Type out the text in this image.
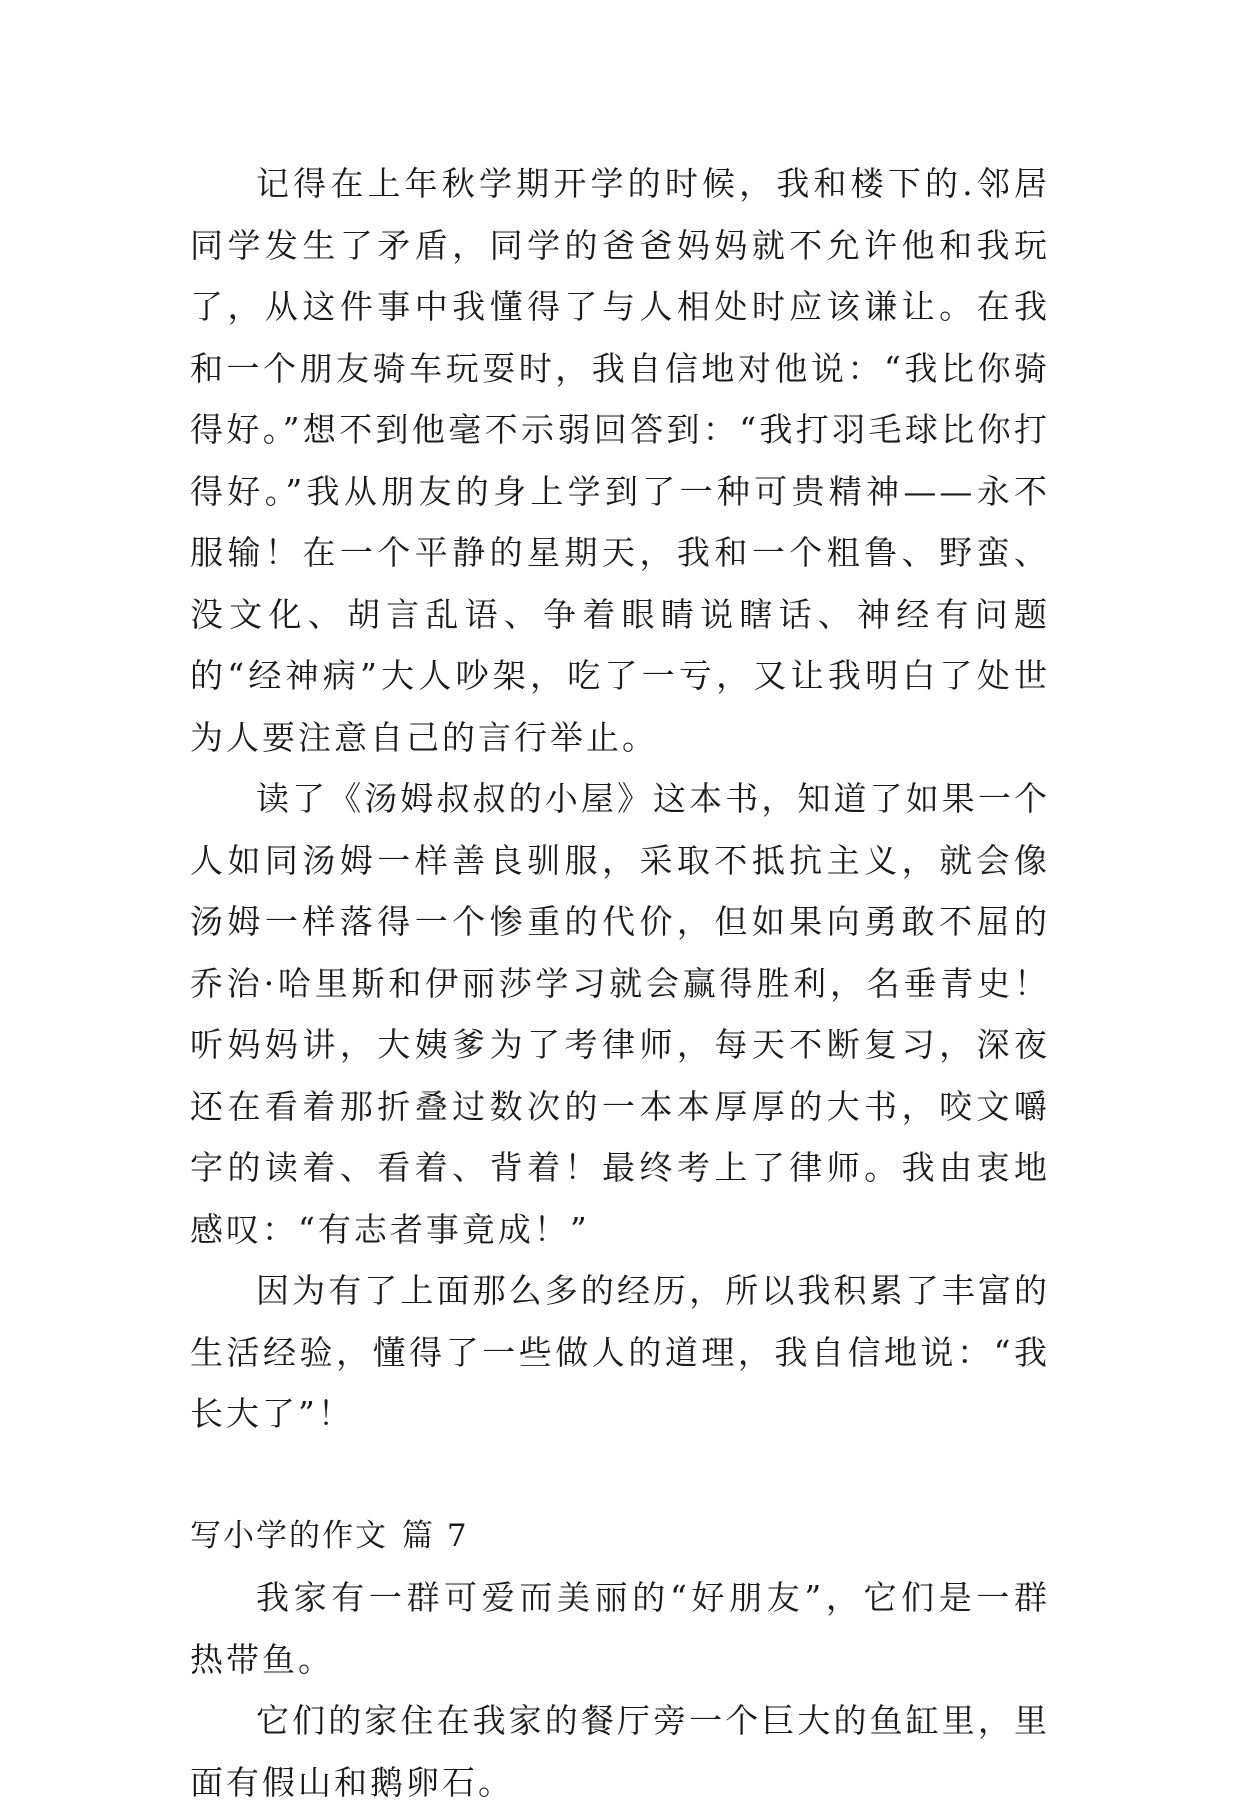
记得在上年秋学期开学的时候，我和楼下的.邻居同学发生了矛盾，同学的爸爸妈妈就不允许他和我玩了，从这件事中我懂得了与人相处时应该谦让。在我和一个朋友骑车玩耍时，我自信地对他说：“我比你骑得好。”想不到他毫不示弱回答到：“我打羽毛球比你打得好。”我从朋友的身上学到了一种可贵精神——永不服输！在一个平静的星期天，我和一个粗鲁、野蛮、没文化、胡言乱语、争着眼睛说瞎话、神经有问题的“经神病”大人吵架，吃了一亏，又让我明白了处世为人要注意自己的言行举止。

读了《汤姆叔叔的小屋》这本书，知道了如果一个人如同汤姆一样善良驯服，采取不抵抗主义，就会像汤姆一样落得一个惨重的代价，但如果向勇敢不屈的乔治·哈里斯和伊丽莎学习就会赢得胜利，名垂青史！听妈妈讲，大姨爹为了考律师，每天不断复习，深夜还在看着那折叠过数次的一本本厚厚的大书，咬文嚼字的读着、看着、背着！最终考上了律师。我由衷地感叹：“有志者事竟成！”

因为有了上面那么多的经历，所以我积累了丰富的生活经验，懂得了一些做人的道理，我自信地说：“我长大了”！

写小学的作文 篇 7

我家有一群可爱而美丽的“好朋友”，它们是一群热带鱼。

它们的家住在我家的餐厅旁一个巨大的鱼缸里，里面有假山和鹅卵石。
